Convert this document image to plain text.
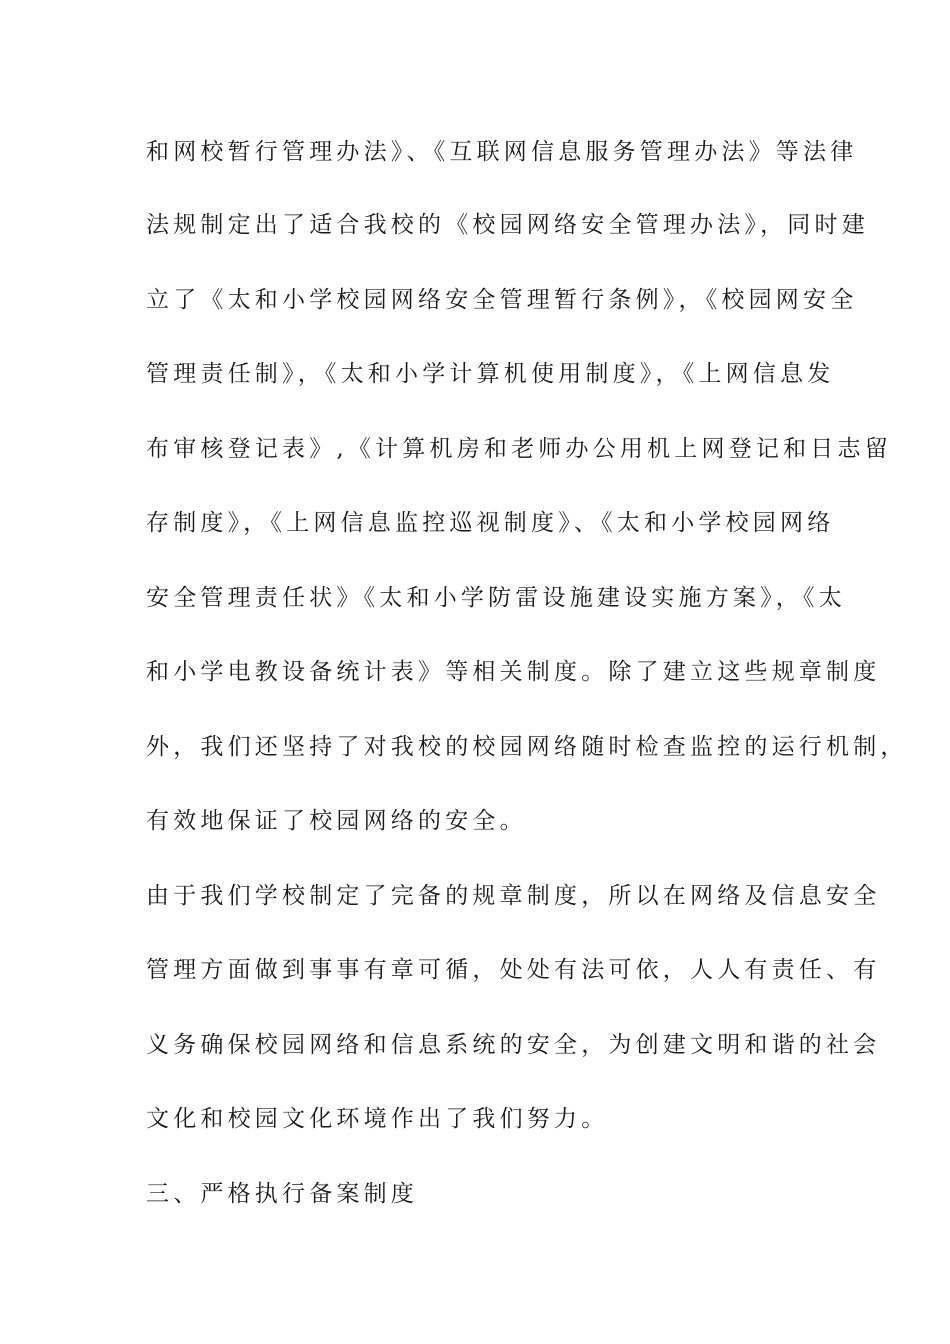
和网校暂行管理办法》、《互联网信息服务管理办法》等法律
法规制定出了适合我校的《校园网络安全管理办法》，同时建
立了《太和小学校园网络安全管理暂行条例》，《校园网安全
管理责任制》，《太和小学计算机使用制度》，《上网信息发
布审核登记表》,《计算机房和老师办公用机上网登记和日志留
存制度》，《上网信息监控巡视制度》、《太和小学校园网络
安全管理责任状》《太和小学防雷设施建设实施方案》，《太
和小学电教设备统计表》等相关制度。除了建立这些规章制度
外，我们还坚持了对我校的校园网络随时检查监控的运行机制，
有效地保证了校园网络的安全。
由于我们学校制定了完备的规章制度，所以在网络及信息安全
管理方面做到事事有章可循，处处有法可依，人人有责任、有
义务确保校园网络和信息系统的安全，为创建文明和谐的社会
文化和校园文化环境作出了我们努力。
三、严格执行备案制度
